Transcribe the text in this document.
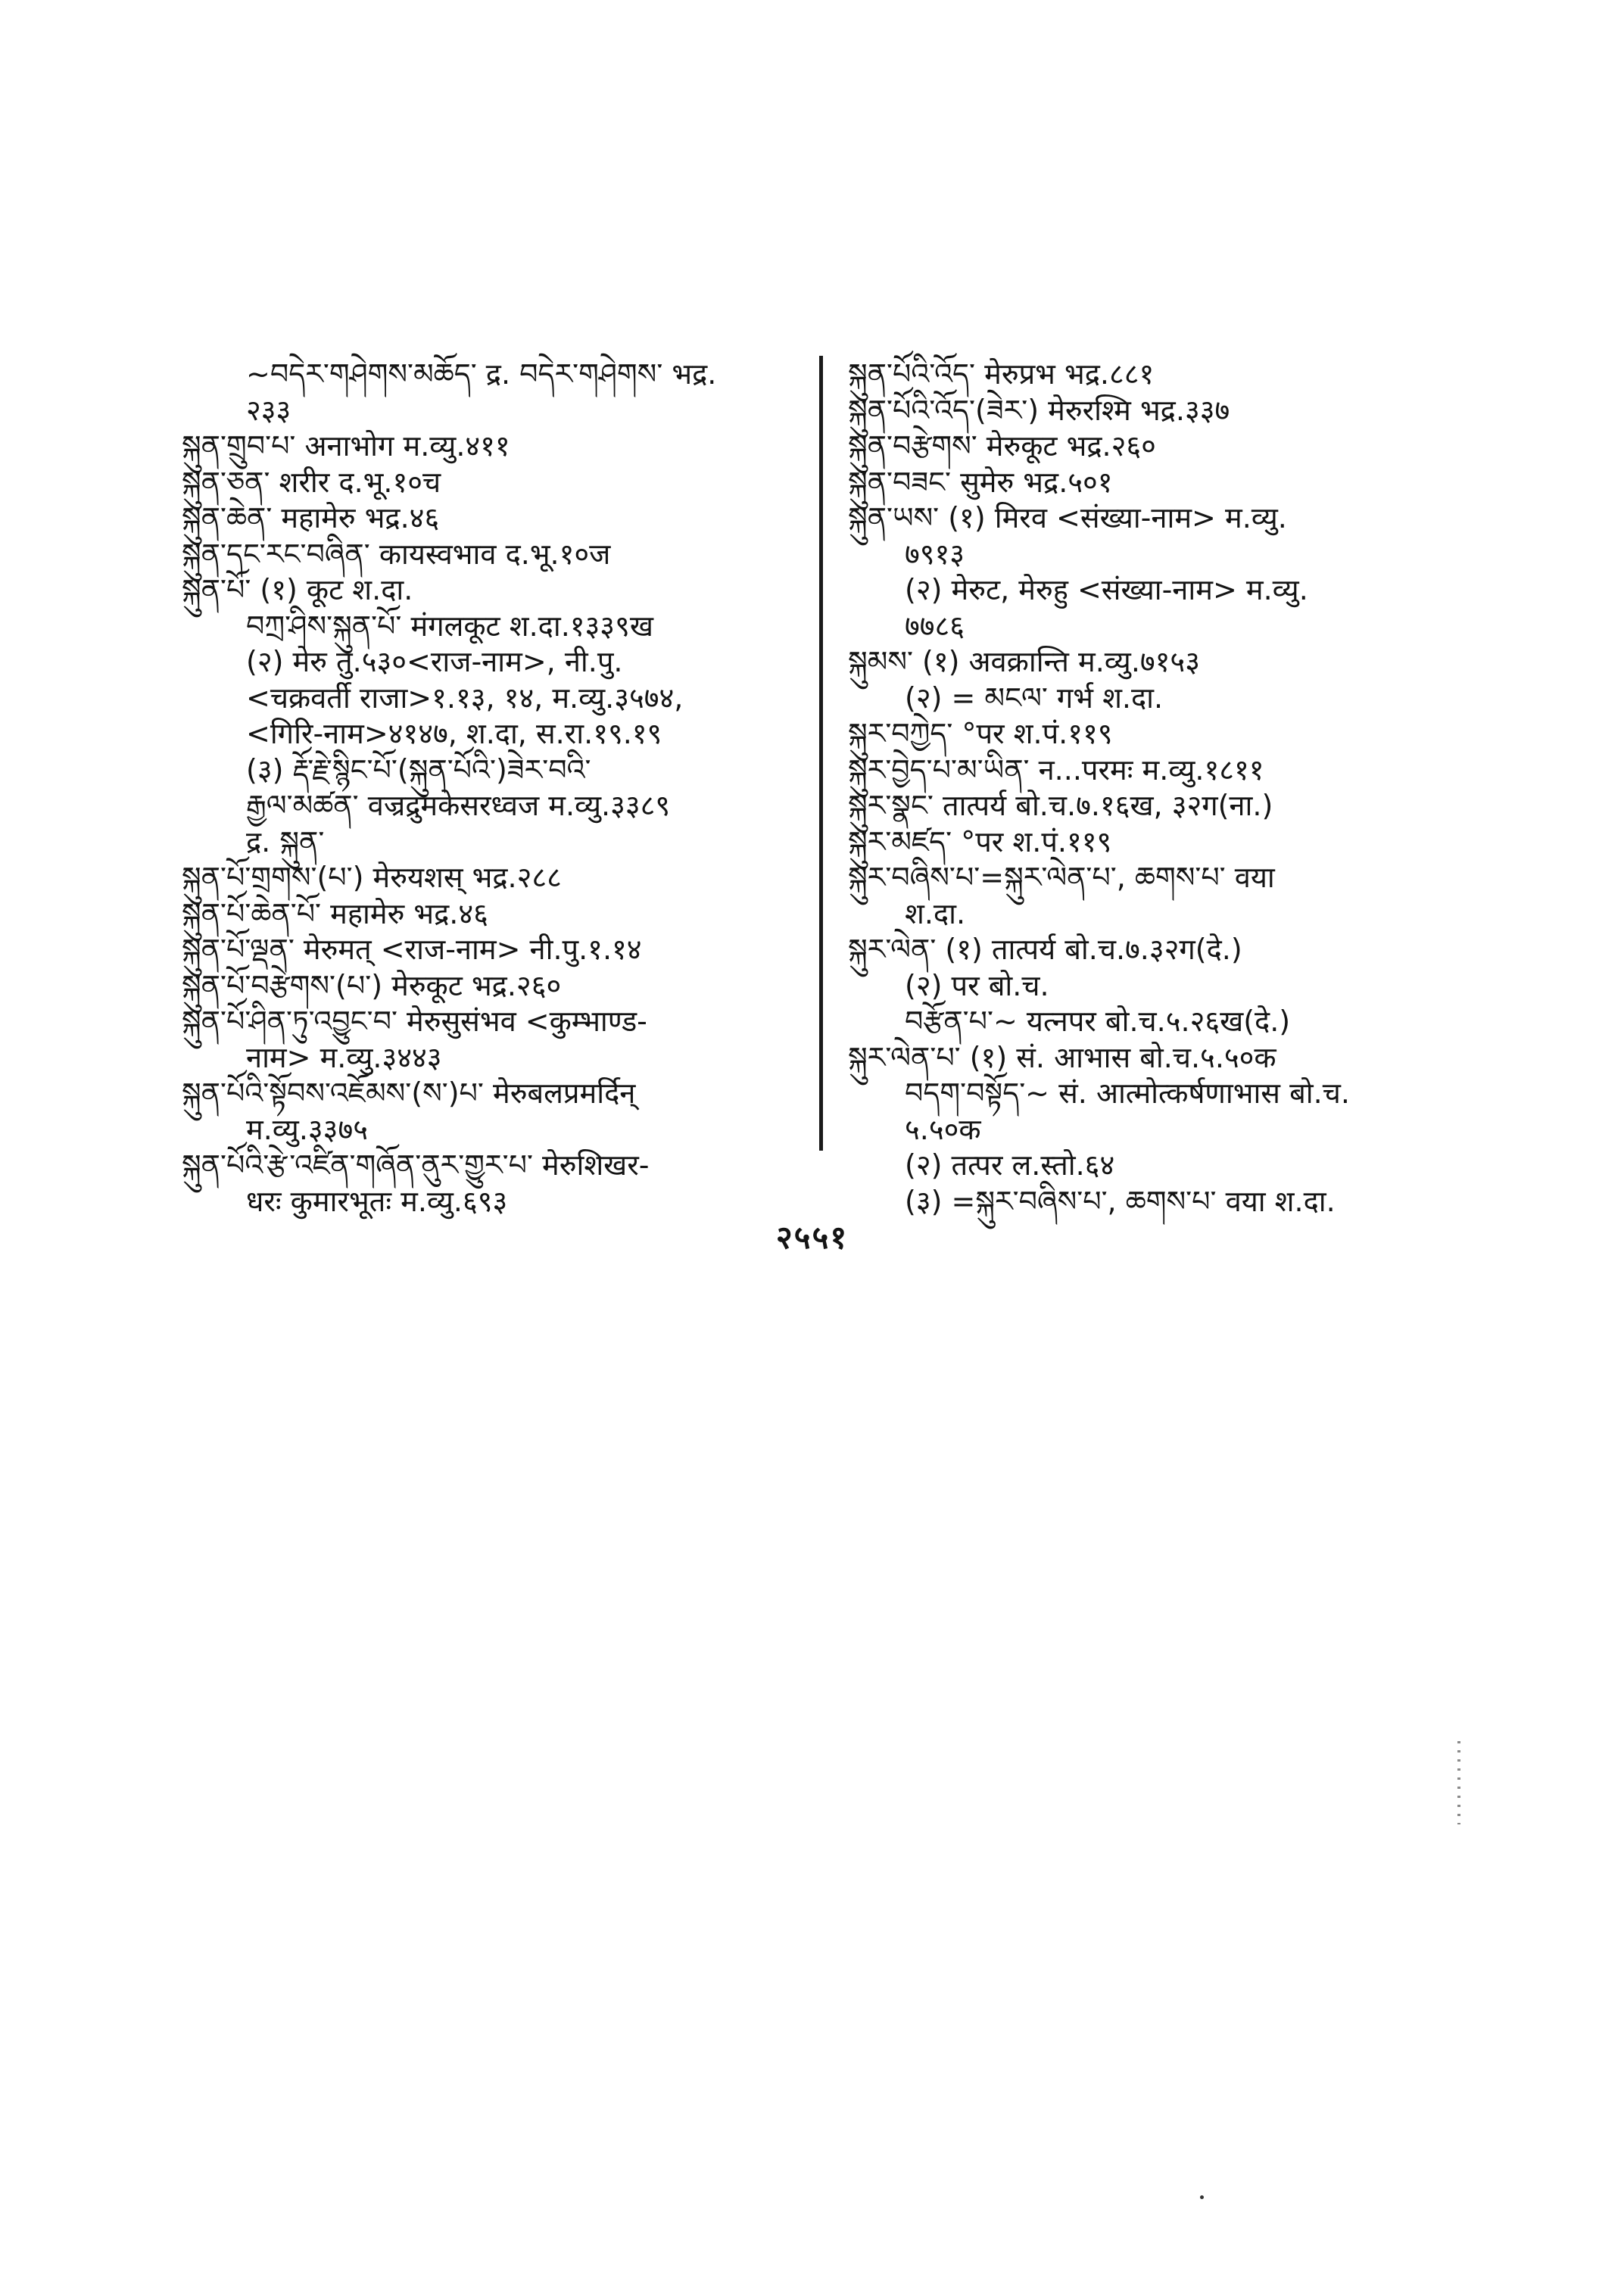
~བདེར་གཤེགས་མཆོད་ द्र. བདེར་གཤེགས་ भद्र.
२३३
སྐུན་གྲུབ་པ་ अनाभोग म.व्यु.४११
སྐུན་ཅན་ शरीर द.भू.१०च
སྐུན་ཆེན་ महामेरु भद्र.४६
སྐུན་དང་རང་བཞིན་ कायस्वभाव द.भू.१०ज
སྐུན་པོ་ (१) कूट श.दा.
བཀྲ་ཤིས་སྐུན་པོ་ मंगलकूट श.दा.१३३९ख
(२) मेरु तु.५३०<राज-नाम>, नी.पु.
<चक्रवर्ती राजा>१.१३, १४, म.व्यु.३५७४,
<गिरि-नाम>४१४७, श.दा, स.रा.१९.१९
(३) རྡོ་རྗེ་སྙིང་པོ་(སྐུན་པོའི་)ཟེར་བའི་
རྒྱལ་མཚན་ वज्रद्रुमकेसरध्वज म.व्यु.३३८९
द्र. སྐུན་
སྐུན་པོ་གྲགས་(པ་) मेरुयशस् भद्र.२८८
སྐུན་པོ་ཆེན་པོ་ महामेरु भद्र.४६
སྐུན་པོ་ལྡན་ मेरुमत् <राज-नाम> नी.पु.१.१४
སྐུན་པོ་བརྩེགས་(པ་) मेरुकूट भद्र.२६०
སྐུན་པོ་ཤིན་ཏུ་འབྱུང་བ་ मेरुसुसंभव <कुम्भाण्ड-
नाम> म.व्यु.३४४३
སྐུན་པོའི་སྟོབས་འཇོམས་(ས་)པ་ मेरुबलप्रमर्दिन्
म.व्यु.३३७५
སྐུན་པོའི་རྩེ་འཛིན་གཞོན་ནུར་གྱུར་པ་ मेरुशिखर-
धरः कुमारभूतः म.व्यु.६९३
སྐུན་པོའི་འོད་ मेरुप्रभ भद्र.८८१
སྐུན་པོའི་འོད་(ཟེར་) मेरुरश्मि भद्र.३३७
སྐུན་བརྩེགས་ मेरुकूट भद्र.२६०
སྐུན་བཟང་ सुमेरु भद्र.५०१
སྐུན་ཡས་ (१) मिरव <संख्या-नाम> म.व्यु.
७९१३
(२) मेरुट, मेरुहु <संख्या-नाम> म.व्यु.
७७८६
སྐུམས་ (१) अवक्रान्ति म.व्यु.७१५३
(२) = མངལ་ गर्भ श.दा.
སྐུར་བཀྱེད་ °पर श.पं.११९
སྐུར་བྱེད་པ་མ་ཡིན་ न...परमः म.व्यु.१८११
སྐུར་སྣང་ तात्पर्य बो.च.७.१६ख, ३२ग(ना.)
སྐུར་མཛད་ °पर श.पं.११९
སྐུར་བཞིས་པ་=སྐུར་ལེན་པ་, ཆགས་པ་ वया
श.दा.
སྐུར་ལེན་ (१) तात्पर्य बो.च.७.३२ग(दे.)
(२) पर बो.च.
བརྩོན་པ་~ यत्नपर बो.च.५.२६ख(दे.)
སྐུར་ལེན་པ་ (१) सं. आभास बो.च.५.५०क
བདག་བསྟོད་~ सं. आत्मोत्कर्षणाभास बो.च.
५.५०क
(२) तत्पर ल.स्तो.६४
(३) =སྐུར་བཞིས་པ་, ཆགས་པ་ वया श.दा.
२५५१
